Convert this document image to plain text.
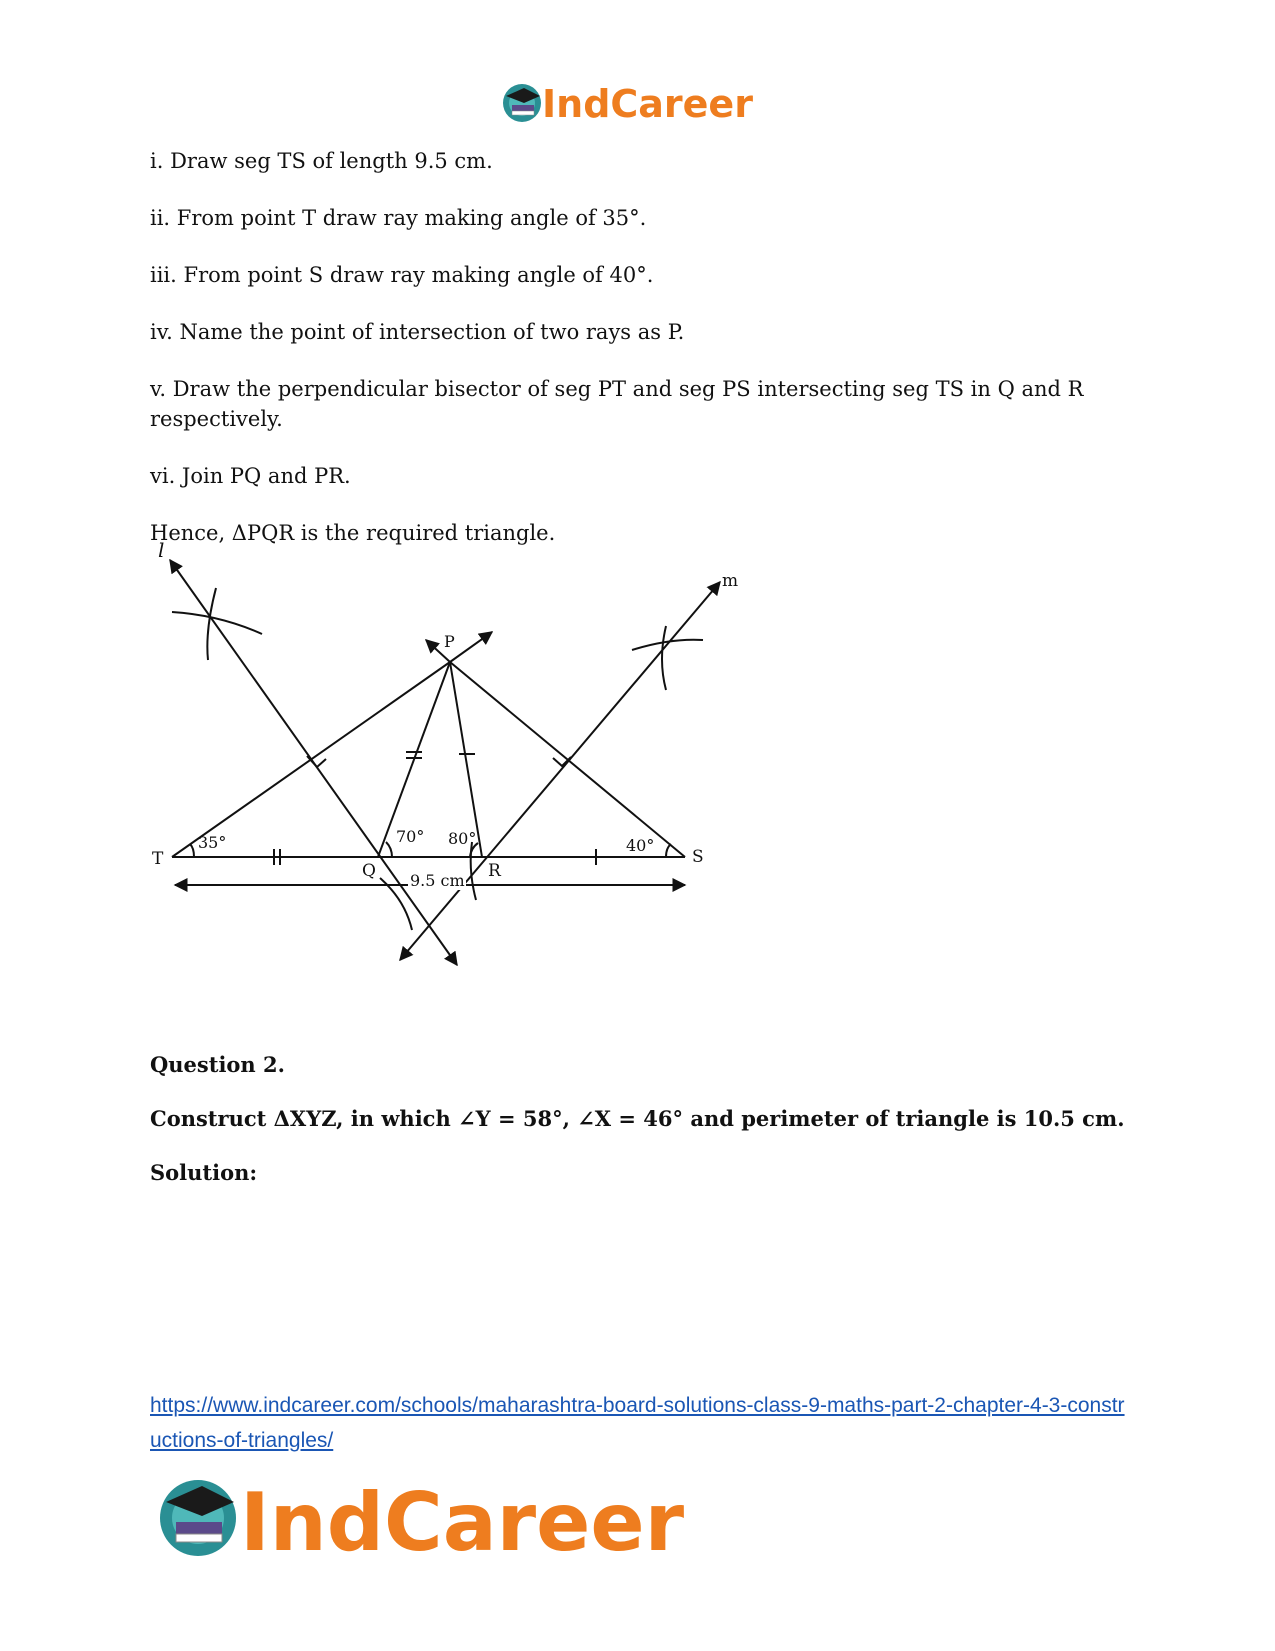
IndCareer

i. Draw seg TS of length 9.5 cm.

ii. From point T draw ray making angle of 35°.

iii. From point S draw ray making angle of 40°.

iv. Name the point of intersection of two rays as P.

v. Draw the perpendicular bisector of seg PT and seg PS intersecting seg TS in Q and R respectively.

vi. Join PQ and PR.

Hence, ΔPQR is the required triangle.

l
m
P
T	S
Q	R
35°	70° 80°	40°
9.5 cm

Question 2.

Construct ΔXYZ, in which ∠Y = 58°, ∠X = 46° and perimeter of triangle is 10.5 cm.

Solution:

https://www.indcareer.com/schools/maharashtra-board-solutions-class-9-maths-part-2-chapter-4-3-constructions-of-triangles/

IndCareer
